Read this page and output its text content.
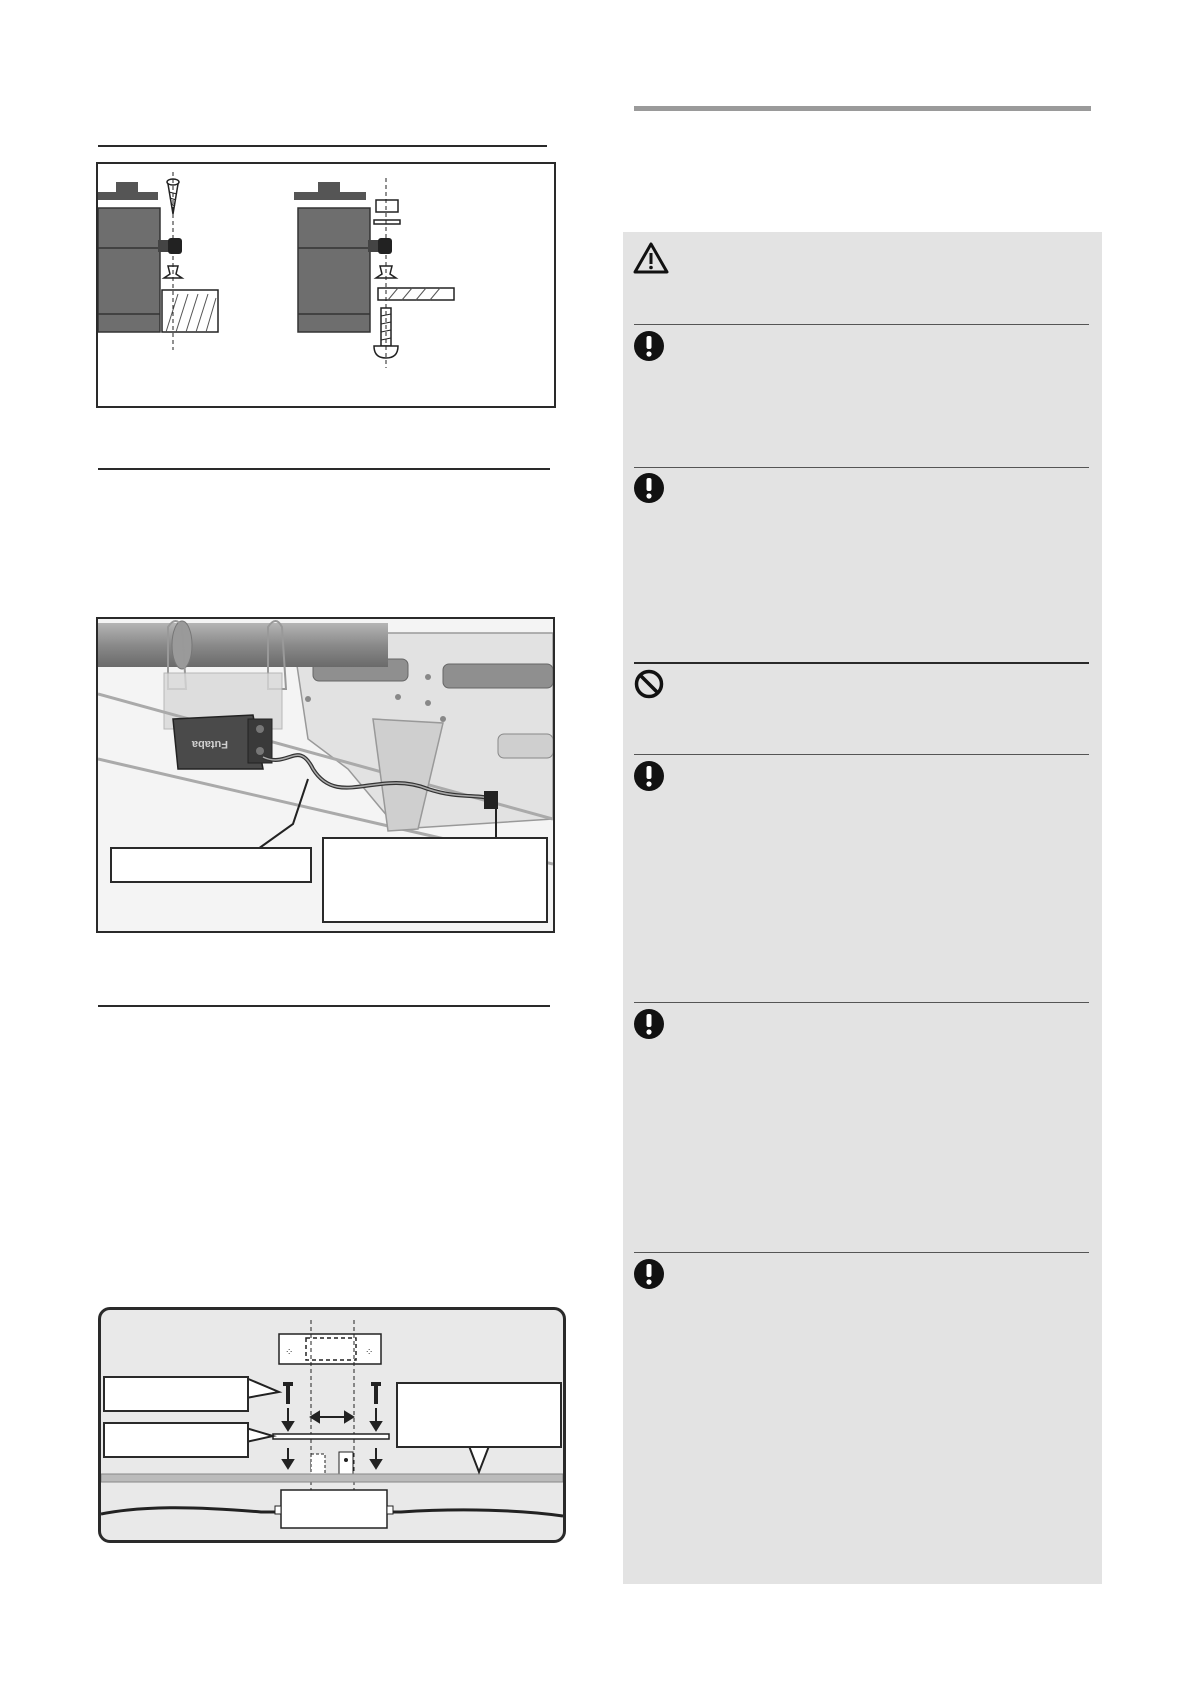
Futaba
⁘	⁘
